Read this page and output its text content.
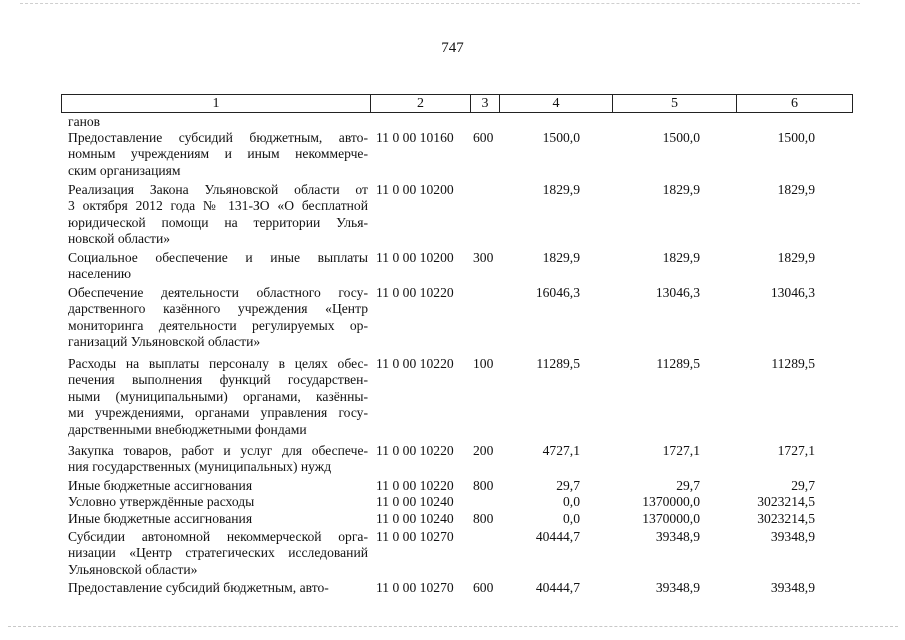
747
1	2	3	4	5	6
ганов
Предоставление субсидий бюджетным, авто-
номным учреждениям и иным некоммерче-
ским организациям
11 0 00 10160 600	1500,0	1500,0	1500,0
Реализация Закона Ульяновской области от
3 октября 2012 года № 131-ЗО «О бесплатной
юридической помощи на территории Улья-
новской области»
11 0 00 10200	1829,9	1829,9	1829,9
Социальное обеспечение и иные выплаты
населению
11 0 00 10200 300	1829,9	1829,9	1829,9
Обеспечение деятельности областного госу-
дарственного казённого учреждения «Центр
мониторинга деятельности регулируемых ор-
ганизаций Ульяновской области»
11 0 00 10220	16046,3	13046,3	13046,3
Расходы на выплаты персоналу в целях обес-
печения выполнения функций государствен-
ными (муниципальными) органами, казённы-
ми учреждениями, органами управления госу-
дарственными внебюджетными фондами
11 0 00 10220 100	11289,5	11289,5	11289,5
Закупка товаров, работ и услуг для обеспече-
ния государственных (муниципальных) нужд
11 0 00 10220 200	4727,1	1727,1	1727,1
Иные бюджетные ассигнования	11 0 00 10220 800	29,7	29,7	29,7
Условно утверждённые расходы	11 0 00 10240	0,0	1370000,0	3023214,5
Иные бюджетные ассигнования	11 0 00 10240 800	0,0	1370000,0	3023214,5
Субсидии автономной некоммерческой орга-
низации «Центр стратегических исследований
Ульяновской области»
11 0 00 10270	40444,7	39348,9	39348,9
Предоставление субсидий бюджетным, авто-	11 0 00 10270 600	40444,7	39348,9	39348,9
